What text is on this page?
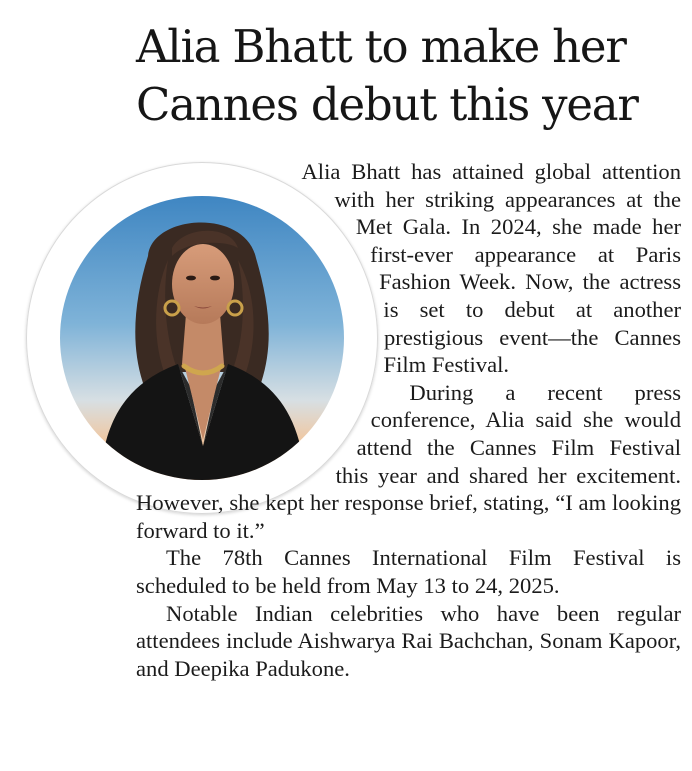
Alia Bhatt to make her Cannes debut this year

Alia Bhatt has attained global attention with her striking appearances at the Met Gala. In 2024, she made her first-ever appearance at Paris Fashion Week. Now, the actress is set to debut at another prestigious event—the Cannes Film Festival.

During a recent press conference, Alia said she would attend the Cannes Film Festival this year and shared her excitement. However, she kept her response brief, stating, “I am looking forward to it.”

The 78th Cannes International Film Festival is scheduled to be held from May 13 to 24, 2025.

Notable Indian celebrities who have been regular attendees include Aishwarya Rai Bachchan, Sonam Kapoor, and Deepika Padukone.
